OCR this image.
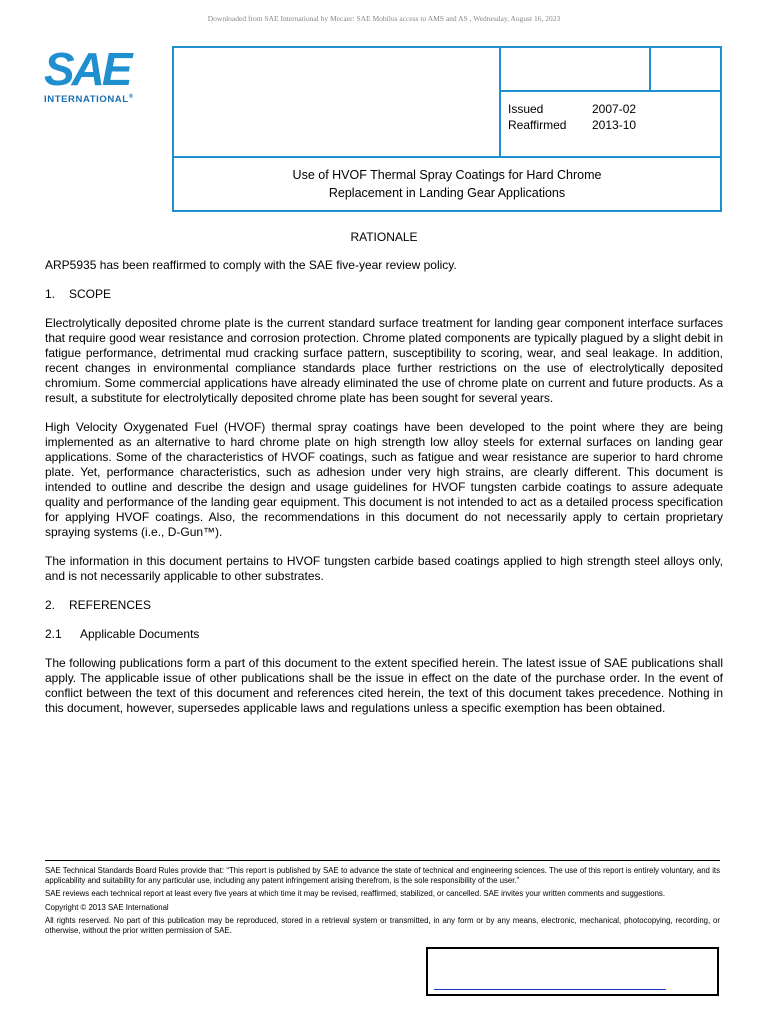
Downloaded from SAE International by Mecaer: SAE Mobilus access to AMS and AS , Wednesday, August 16, 2023
SAE
INTERNATIONAL®
Issued	2007-02
Reaffirmed 2013-10
Use of HVOF Thermal Spray Coatings for Hard Chrome
Replacement in Landing Gear Applications
RATIONALE
ARP5935 has been reaffirmed to comply with the SAE five-year review policy.
1. SCOPE
Electrolytically deposited chrome plate is the current standard surface treatment for landing gear component interface surfaces that require good wear resistance and corrosion protection. Chrome plated components are typically plagued by a slight debit in fatigue performance, detrimental mud cracking surface pattern, susceptibility to scoring, wear, and seal leakage. In addition, recent changes in environmental compliance standards place further restrictions on the use of electrolytically deposited chromium. Some commercial applications have already eliminated the use of chrome plate on current and future products. As a result, a substitute for electrolytically deposited chrome plate has been sought for several years.
High Velocity Oxygenated Fuel (HVOF) thermal spray coatings have been developed to the point where they are being implemented as an alternative to hard chrome plate on high strength low alloy steels for external surfaces on landing gear applications. Some of the characteristics of HVOF coatings, such as fatigue and wear resistance are superior to hard chrome plate. Yet, performance characteristics, such as adhesion under very high strains, are clearly different. This document is intended to outline and describe the design and usage guidelines for HVOF tungsten carbide coatings to assure adequate quality and performance of the landing gear equipment. This document is not intended to act as a detailed process specification for applying HVOF coatings. Also, the recommendations in this document do not necessarily apply to certain proprietary spraying systems (i.e., D-Gun™).
The information in this document pertains to HVOF tungsten carbide based coatings applied to high strength steel alloys only, and is not necessarily applicable to other substrates.
2. REFERENCES
2.1 Applicable Documents
The following publications form a part of this document to the extent specified herein. The latest issue of SAE publications shall apply. The applicable issue of other publications shall be the issue in effect on the date of the purchase order. In the event of conflict between the text of this document and references cited herein, the text of this document takes precedence. Nothing in this document, however, supersedes applicable laws and regulations unless a specific exemption has been obtained.

SAE Technical Standards Board Rules provide that: “This report is published by SAE to advance the state of technical and engineering sciences. The use of this report is entirely voluntary, and its applicability and suitability for any particular use, including any patent infringement arising therefrom, is the sole responsibility of the user.”

SAE reviews each technical report at least every five years at which time it may be revised, reaffirmed, stabilized, or cancelled. SAE invites your written comments and suggestions.

Copyright © 2013 SAE International

All rights reserved. No part of this publication may be reproduced, stored in a retrieval system or transmitted, in any form or by any means, electronic, mechanical, photocopying, recording, or otherwise, without the prior written permission of SAE.
